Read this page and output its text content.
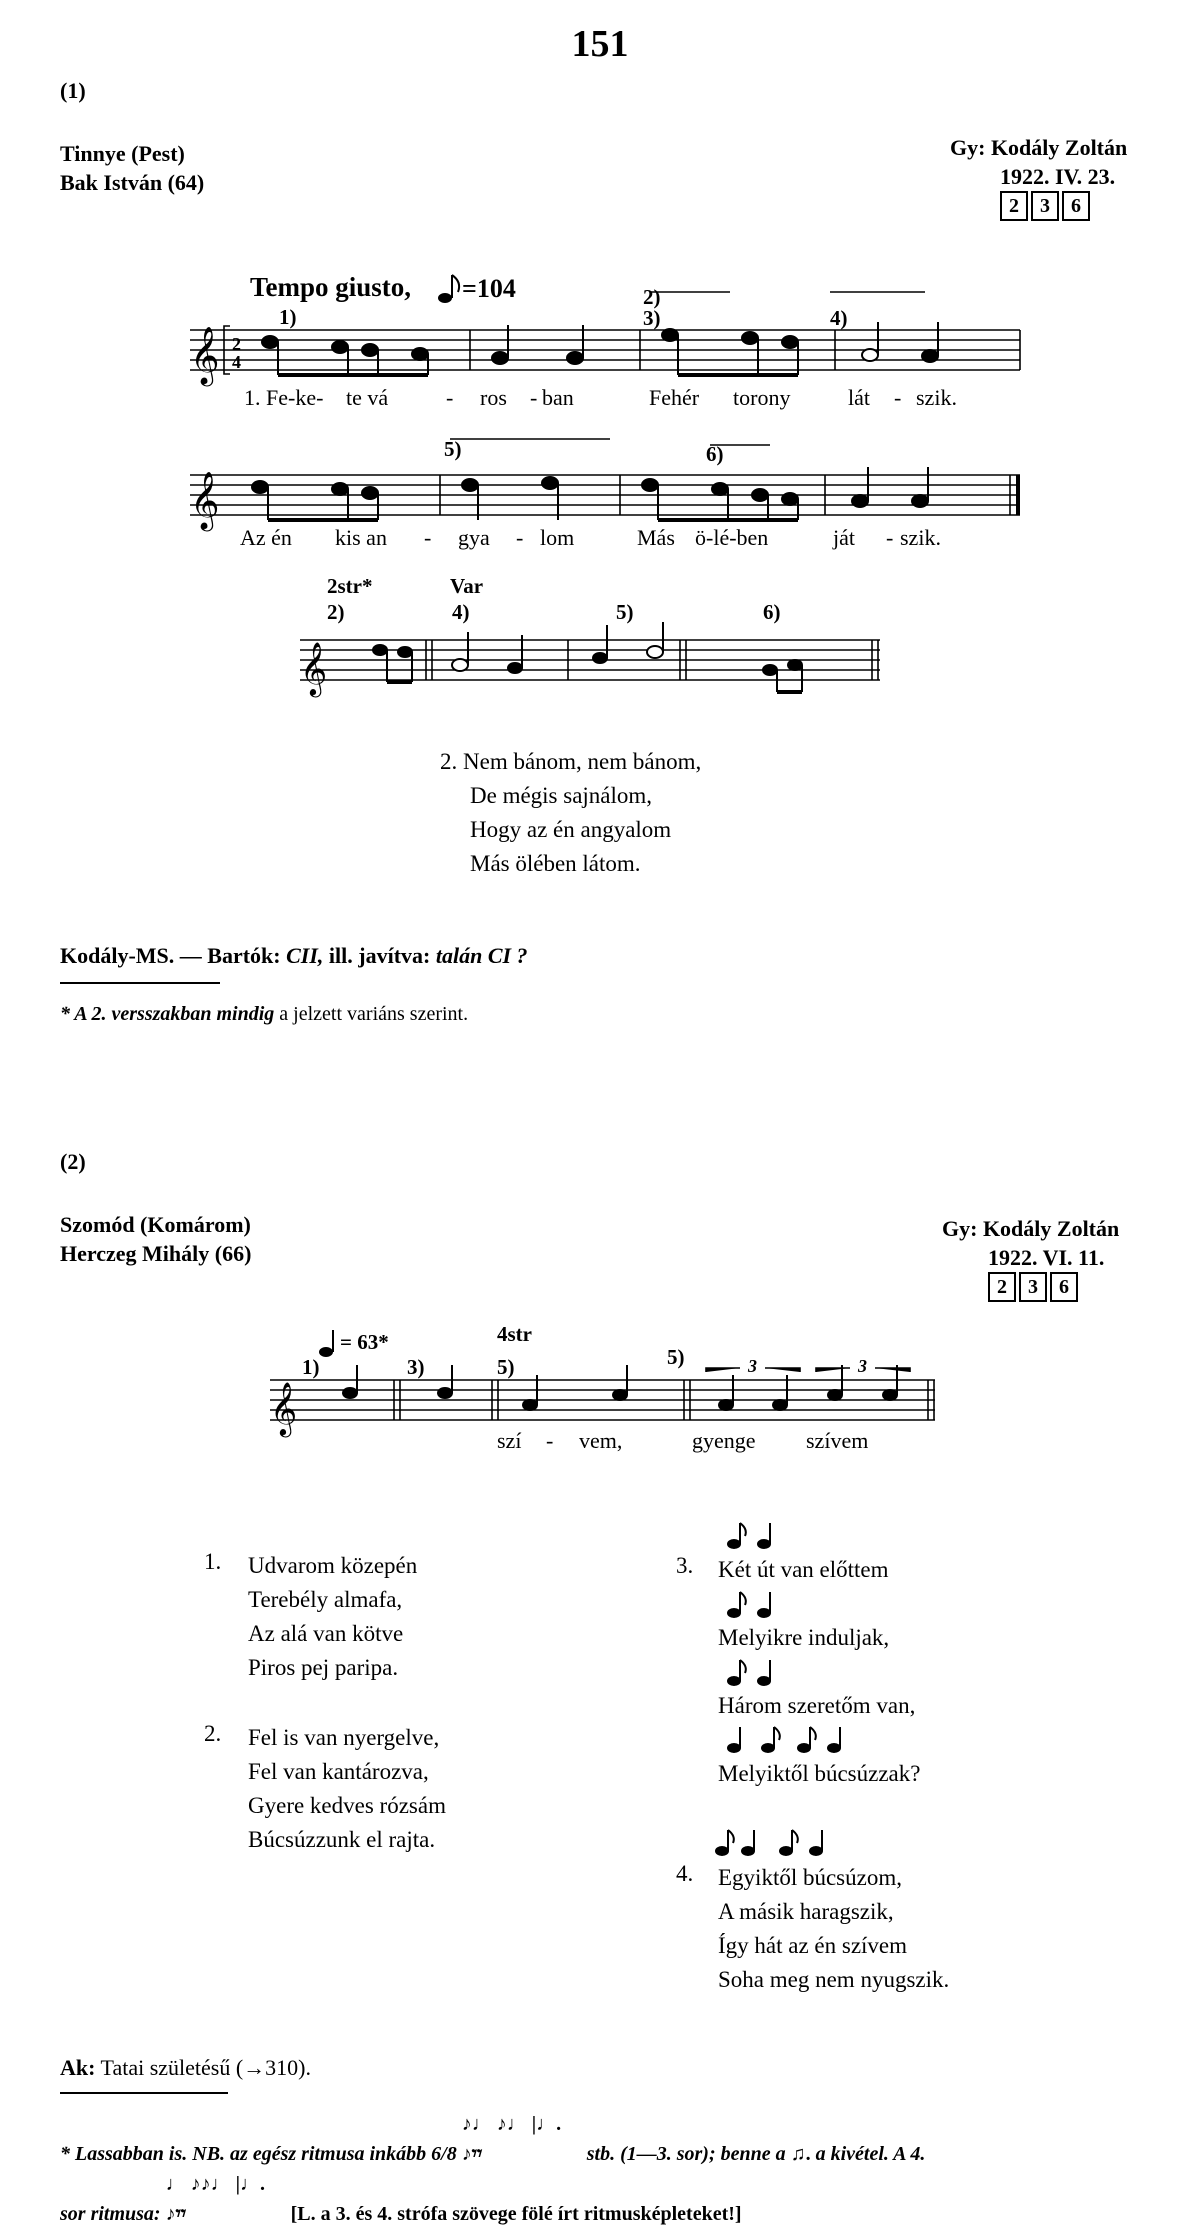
151
(1)
Tinnye (Pest)
Bak István (64)
Gy: Kodály Zoltán
1922. IV. 23.
2	3	6
Tempo giusto, =104
𝄞 2
4
1)
2)
3)	4)
1. Fe-ke- te vá	- ros - ban	Fehér torony	lát - szik.
𝄞
5)	6)
Az én kis an - gya - lom	Más ö-lé-ben	ját - szik.
2str*	Var
2)	4)	5)	6)
𝄞
2. Nem bánom, nem bánom,
De mégis sajnálom,
Hogy az én angyalom
Más ölében látom.
Kodály-MS. — Bartók: CII, ill. javítva: talán CI ?
* A 2. versszakban mindig a jelzett variáns szerint.
(2)
Szomód (Komárom)
Herczeg Mihály (66)
Gy: Kodály Zoltán
1922. VI. 11.
2	3	6
= 63*	4str
1)	3)	5)	5)	3	3
𝄞
szí - vem,	gyenge szívem
1. Udvarom közepén
Terebély almafa,
Az alá van kötve
Piros pej paripa.
2. Fel is van nyergelve,
Fel van kantározva,
Gyere kedves rózsám
Búcsúzzunk el rajta.
3. Két út van előttem
Melyikre induljak,
Három szeretőm van,
Melyiktől búcsúzzak?
4. Egyiktől búcsúzom,
A másik haragszik,
Így hát az én szívem
Soha meg nem nyugszik.
Ak: Tatai születésű (→310).
* Lassabban is. NB. az egész ritmusa inkább 6/8 ♪♩ ♪♩ |♩. ♪𝄾𝄾	stb. (1—3. sor); benne a ♫. a kivétel. A 4.
sor ritmusa: ♩ ♪♪♩ |♩. ♪𝄾𝄾	[L. a 3. és 4. strófa szövege fölé írt ritmusképleteket!]
